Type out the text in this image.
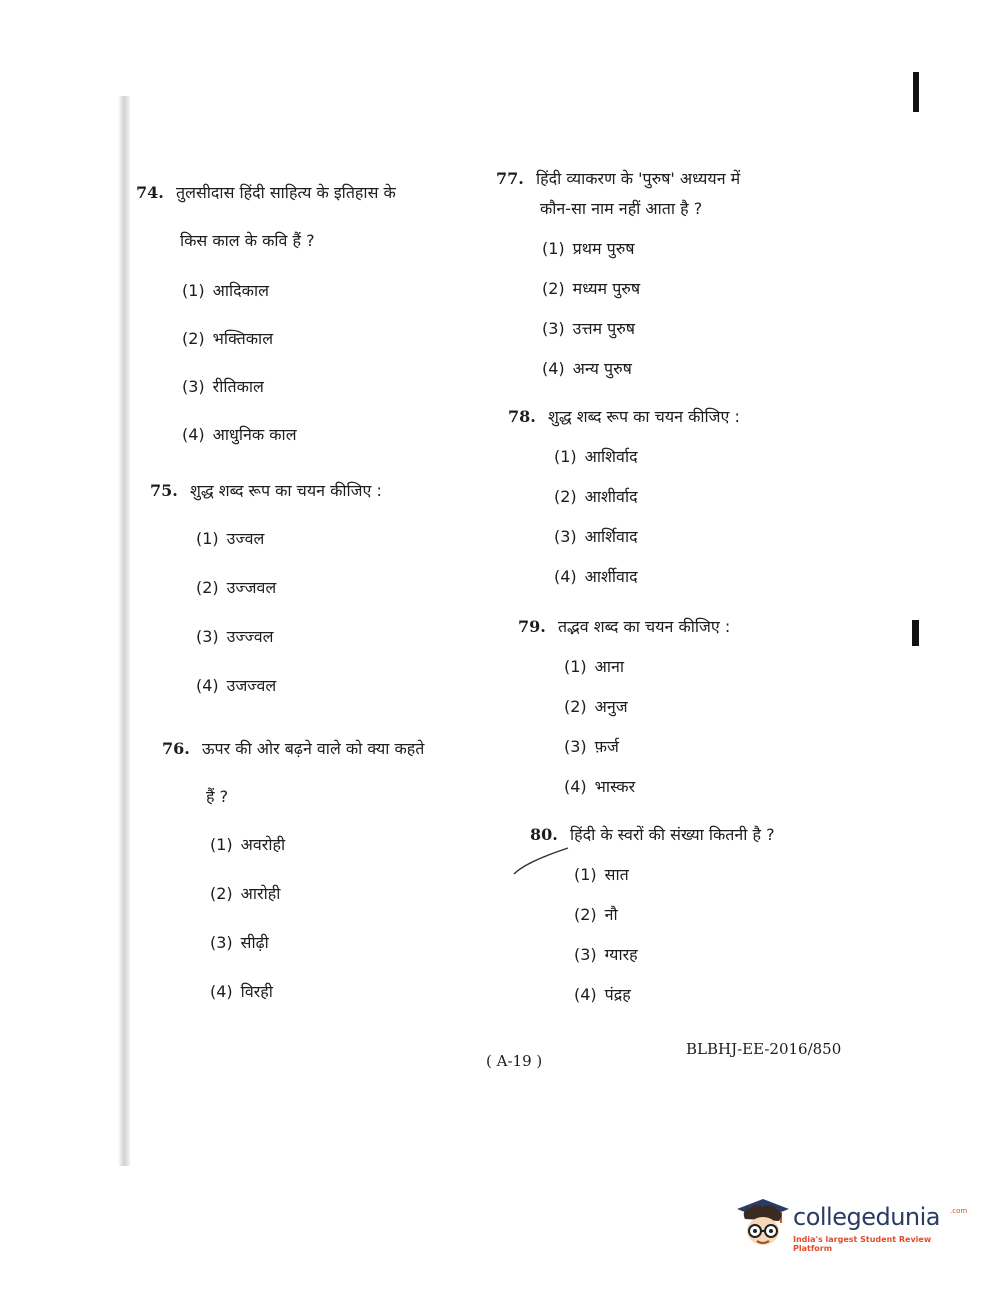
74. तुलसीदास हिंदी साहित्य के इतिहास के
किस काल के कवि हैं ?
(1) आदिकाल
(2) भक्तिकाल
(3) रीतिकाल
(4) आधुनिक काल
75. शुद्ध शब्द रूप का चयन कीजिए :
(1) उज्वल
(2) उज्जवल
(3) उज्ज्वल
(4) उजज्वल
76. ऊपर की ओर बढ़ने वाले को क्या कहते
हैं ?
(1) अवरोही
(2) आरोही
(3) सीढ़ी
(4) विरही
77. हिंदी व्याकरण के 'पुरुष' अध्ययन में
कौन-सा नाम नहीं आता है ?
(1) प्रथम पुरुष
(2) मध्यम पुरुष
(3) उत्तम पुरुष
(4) अन्य पुरुष
78. शुद्ध शब्द रूप का चयन कीजिए :
(1) आशिर्वाद
(2) आशीर्वाद
(3) आर्शिवाद
(4) आर्शीवाद
79. तद्भव शब्द का चयन कीजिए :
(1) आना
(2) अनुज
(3) फ़र्ज
(4) भास्कर
80. हिंदी के स्वरों की संख्या कितनी है ?
(1) सात
(2) नौ
(3) ग्यारह
(4) पंद्रह
( A-19 )
BLBHJ-EE-2016/850
collegedunia .com
India's largest Student Review Platform
